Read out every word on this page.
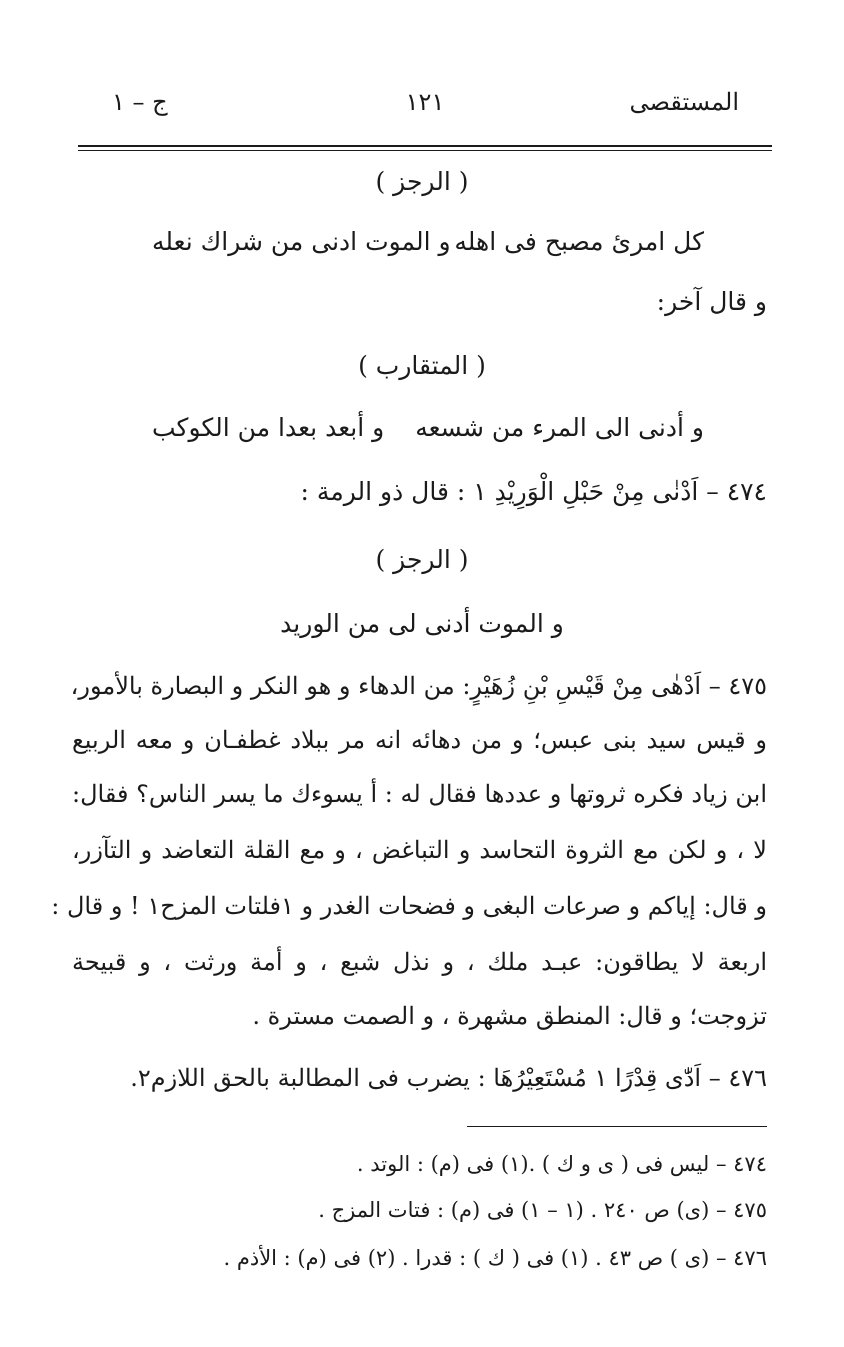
المستقصى
١٢١
ج – ١
( الرجز )
كل امرئ مصبح فى اهله
و الموت ادنى من شراك نعله
و قال آخر:
( المتقارب )
و أدنى الى المرء من شسعه
و أبعد بعدا من الكوكب
٤٧٤ – اَدْنٰى مِنْ حَبْلِ الْوَرِيْدِ ١ : قال ذو الرمة :
( الرجز )
و الموت أدنى لى من الوريد
٤٧٥ – اَدْهٰى مِنْ قَيْسِ بْنِ زُهَيْرٍ: من الدهاء و هو النكر و البصارة بالأمور،
و قيس سيد بنى عبس؛ و من دهائه انه مر ببلاد غطفـان و معه الربيع
ابن زياد فكره ثروتها و عددها فقال له : أ يسوءك ما يسر الناس؟ فقال:
لا ، و لكن مع الثروة التحاسد و التباغض ، و مع القلة التعاضد و التآزر،
و قال: إياكم و صرعات البغى و فضحات الغدر و ١فلتات المزح١ ! و قال :
اربعة لا يطاقون: عبـد ملك ، و نذل شبع ، و أمة ورثت ، و قبيحة
تزوجت؛ و قال: المنطق مشهرة ، و الصمت مسترة .
٤٧٦ – اَدّٰى قِدْرًا ١ مُسْتَعِيْرُهَا : يضرب فى المطالبة بالحق اللازم٢.
٤٧٤ – ليس فى ( ى و ك ) .(١) فى (م) : الوتد .
٤٧٥ – (ى) ص ٢٤٠ . (١ – ١) فى (م) : فتات المزج .
٤٧٦ – (ى ) ص ٤٣ . (١) فى ( ك ) : قدرا . (٢) فى (م) : الأذم .
